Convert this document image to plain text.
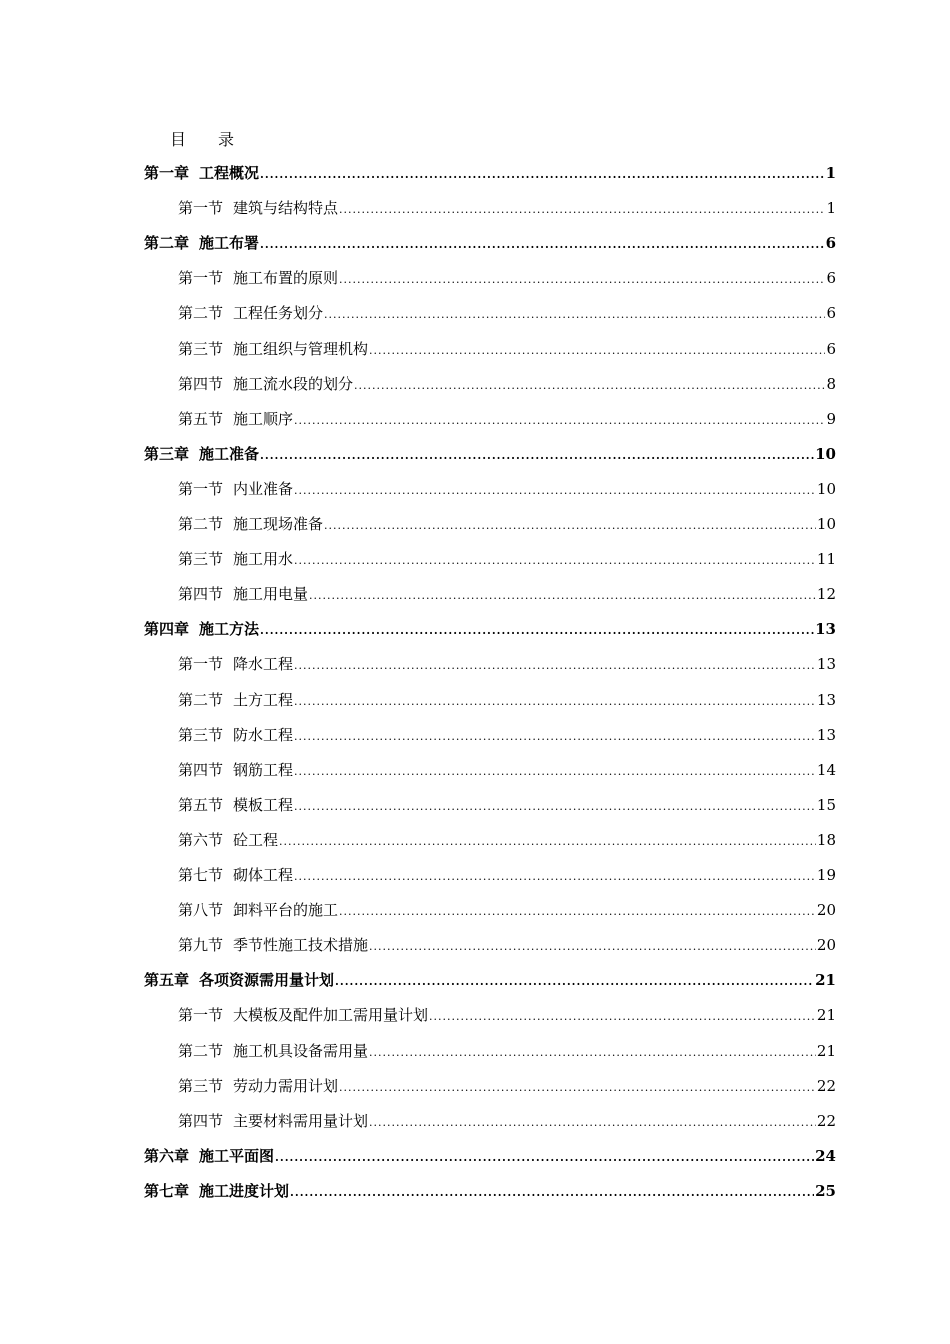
目　　录
第一章 工程概况 .....	1
第一节 建筑与结构特点 .....	1
第二章 施工布署 .....	6
第一节 施工布置的原则 .....	6
第二节 工程任务划分 .....	6
第三节 施工组织与管理机构 .....	6
第四节 施工流水段的划分 .....	8
第五节 施工顺序 .....	9
第三章 施工准备 .....	10
第一节 内业准备 .....	10
第二节 施工现场准备 .....	10
第三节 施工用水 .....	11
第四节 施工用电量 .....	12
第四章 施工方法 .....	13
第一节 降水工程 .....	13
第二节 土方工程 .....	13
第三节 防水工程 .....	13
第四节 钢筋工程 .....	14
第五节 模板工程 .....	15
第六节 砼工程 .....	18
第七节 砌体工程 .....	19
第八节 卸料平台的施工 .....	20
第九节 季节性施工技术措施 .....	20
第五章 各项资源需用量计划 .....	21
第一节 大模板及配件加工需用量计划 .....	21
第二节 施工机具设备需用量 .....	21
第三节 劳动力需用计划 .....	22
第四节 主要材料需用量计划 .....	22
第六章 施工平面图 .....	24
第七章 施工进度计划 .....	25
